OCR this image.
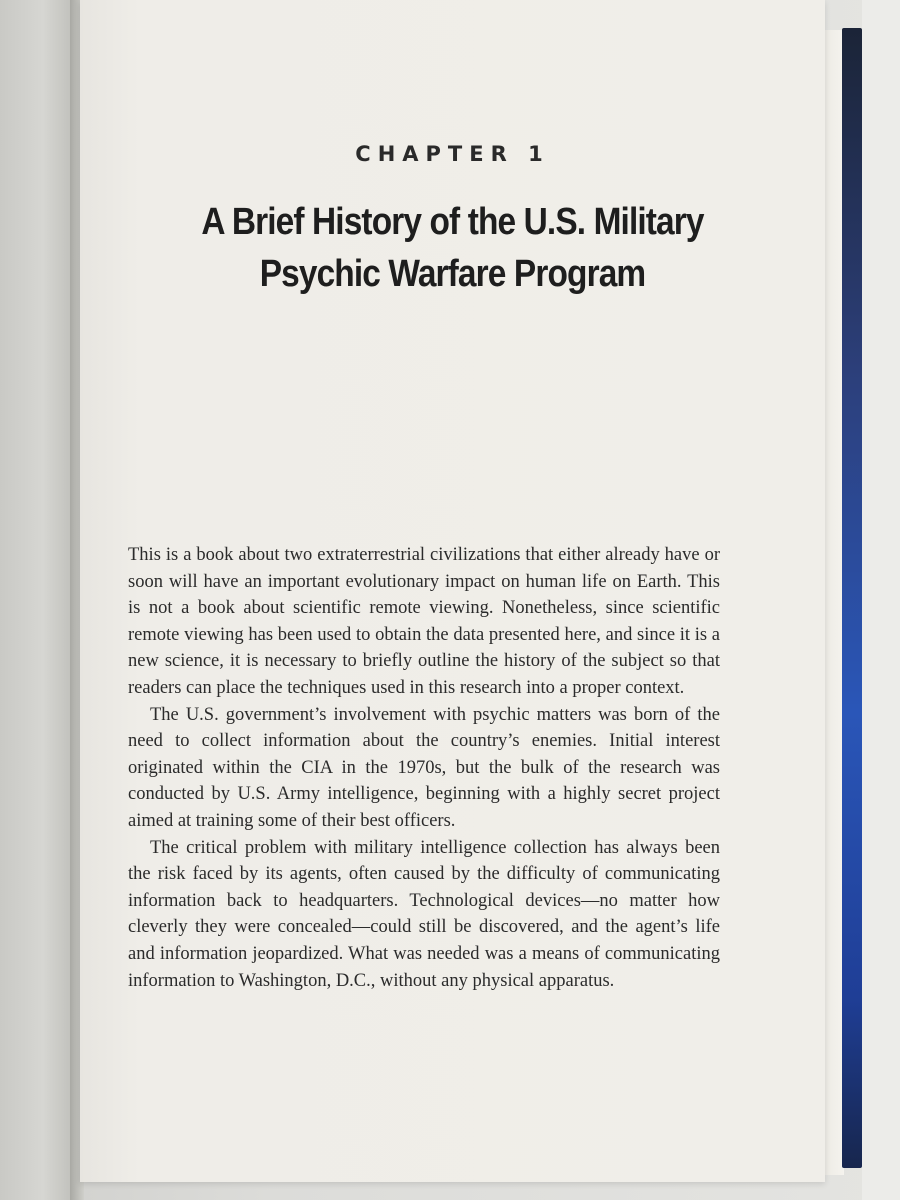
CHAPTER 1
A Brief History of the U.S. Military
Psychic Warfare Program

This is a book about two extraterrestrial civilizations that either already have or soon will have an important evolutionary impact on human life on Earth. This is not a book about scientific remote viewing. Nonetheless, since scientific remote viewing has been used to obtain the data presented here, and since it is a new science, it is necessary to briefly outline the history of the subject so that readers can place the techniques used in this research into a proper context.

The U.S. government’s involvement with psychic matters was born of the need to collect information about the country’s enemies. Initial interest originated within the CIA in the 1970s, but the bulk of the research was conducted by U.S. Army intelligence, beginning with a highly secret project aimed at training some of their best officers.

The critical problem with military intelligence collection has always been the risk faced by its agents, often caused by the difficulty of communicating information back to headquarters. Technological devices—no matter how cleverly they were concealed—could still be discovered, and the agent’s life and information jeopardized. What was needed was a means of communicating information to Washington, D.C., without any physical apparatus.
